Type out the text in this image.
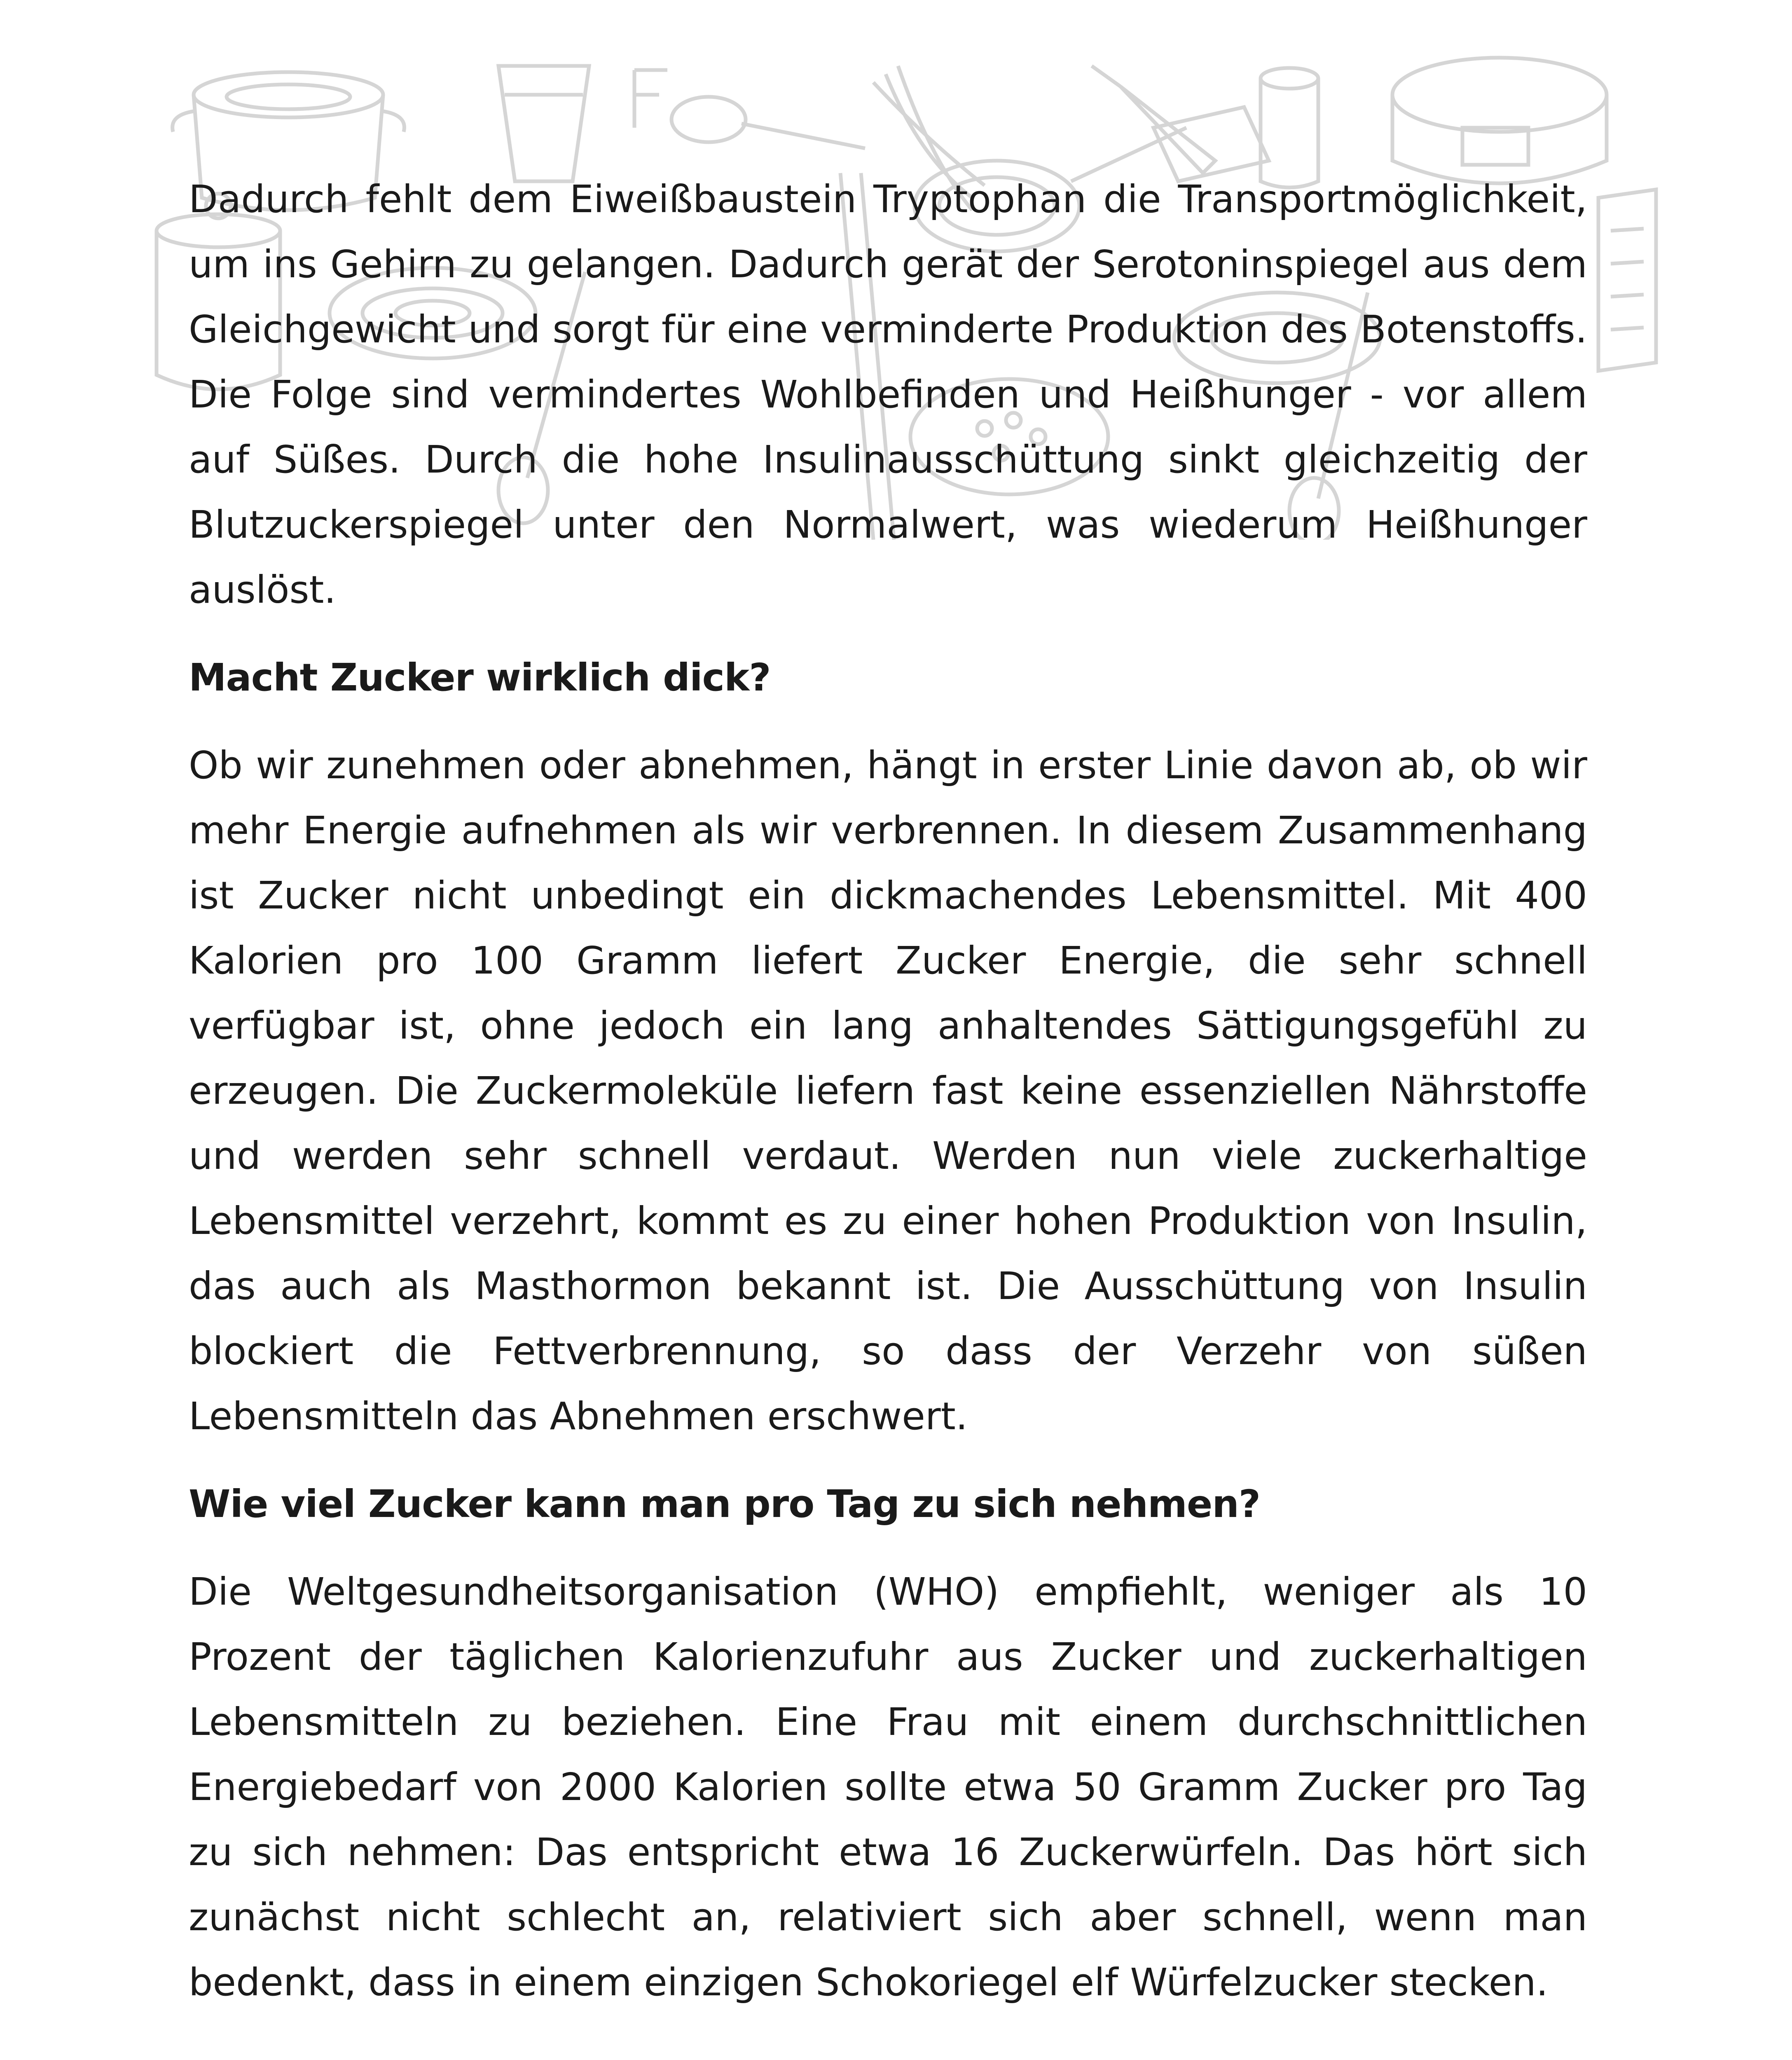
Dadurch fehlt dem Eiweißbaustein Tryptophan die Transportmöglichkeit, um ins Gehirn zu gelangen. Dadurch gerät der Serotoninspiegel aus dem Gleichgewicht und sorgt für eine verminderte Produktion des Botenstoffs. Die Folge sind vermindertes Wohlbefinden und Heißhunger - vor allem auf Süßes. Durch die hohe Insulinausschüttung sinkt gleichzeitig der Blutzuckerspiegel unter den Normalwert, was wiederum Heißhunger auslöst.

Macht Zucker wirklich dick?

Ob wir zunehmen oder abnehmen, hängt in erster Linie davon ab, ob wir mehr Energie aufnehmen als wir verbrennen. In diesem Zusammenhang ist Zucker nicht unbedingt ein dickmachendes Lebensmittel. Mit 400 Kalorien pro 100 Gramm liefert Zucker Energie, die sehr schnell verfügbar ist, ohne jedoch ein lang anhaltendes Sättigungsgefühl zu erzeugen. Die Zuckermoleküle liefern fast keine essenziellen Nährstoffe und werden sehr schnell verdaut. Werden nun viele zuckerhaltige Lebensmittel verzehrt, kommt es zu einer hohen Produktion von Insulin, das auch als Masthormon bekannt ist. Die Ausschüttung von Insulin blockiert die Fettverbrennung, so dass der Verzehr von süßen Lebensmitteln das Abnehmen erschwert.

Wie viel Zucker kann man pro Tag zu sich nehmen?

Die Weltgesundheitsorganisation (WHO) empfiehlt, weniger als 10 Prozent der täglichen Kalorienzufuhr aus Zucker und zuckerhaltigen Lebensmitteln zu beziehen. Eine Frau mit einem durchschnittlichen Energiebedarf von 2000 Kalorien sollte etwa 50 Gramm Zucker pro Tag zu sich nehmen: Das entspricht etwa 16 Zuckerwürfeln. Das hört sich zunächst nicht schlecht an, relativiert sich aber schnell, wenn man bedenkt, dass in einem einzigen Schokoriegel elf Würfelzucker stecken.
